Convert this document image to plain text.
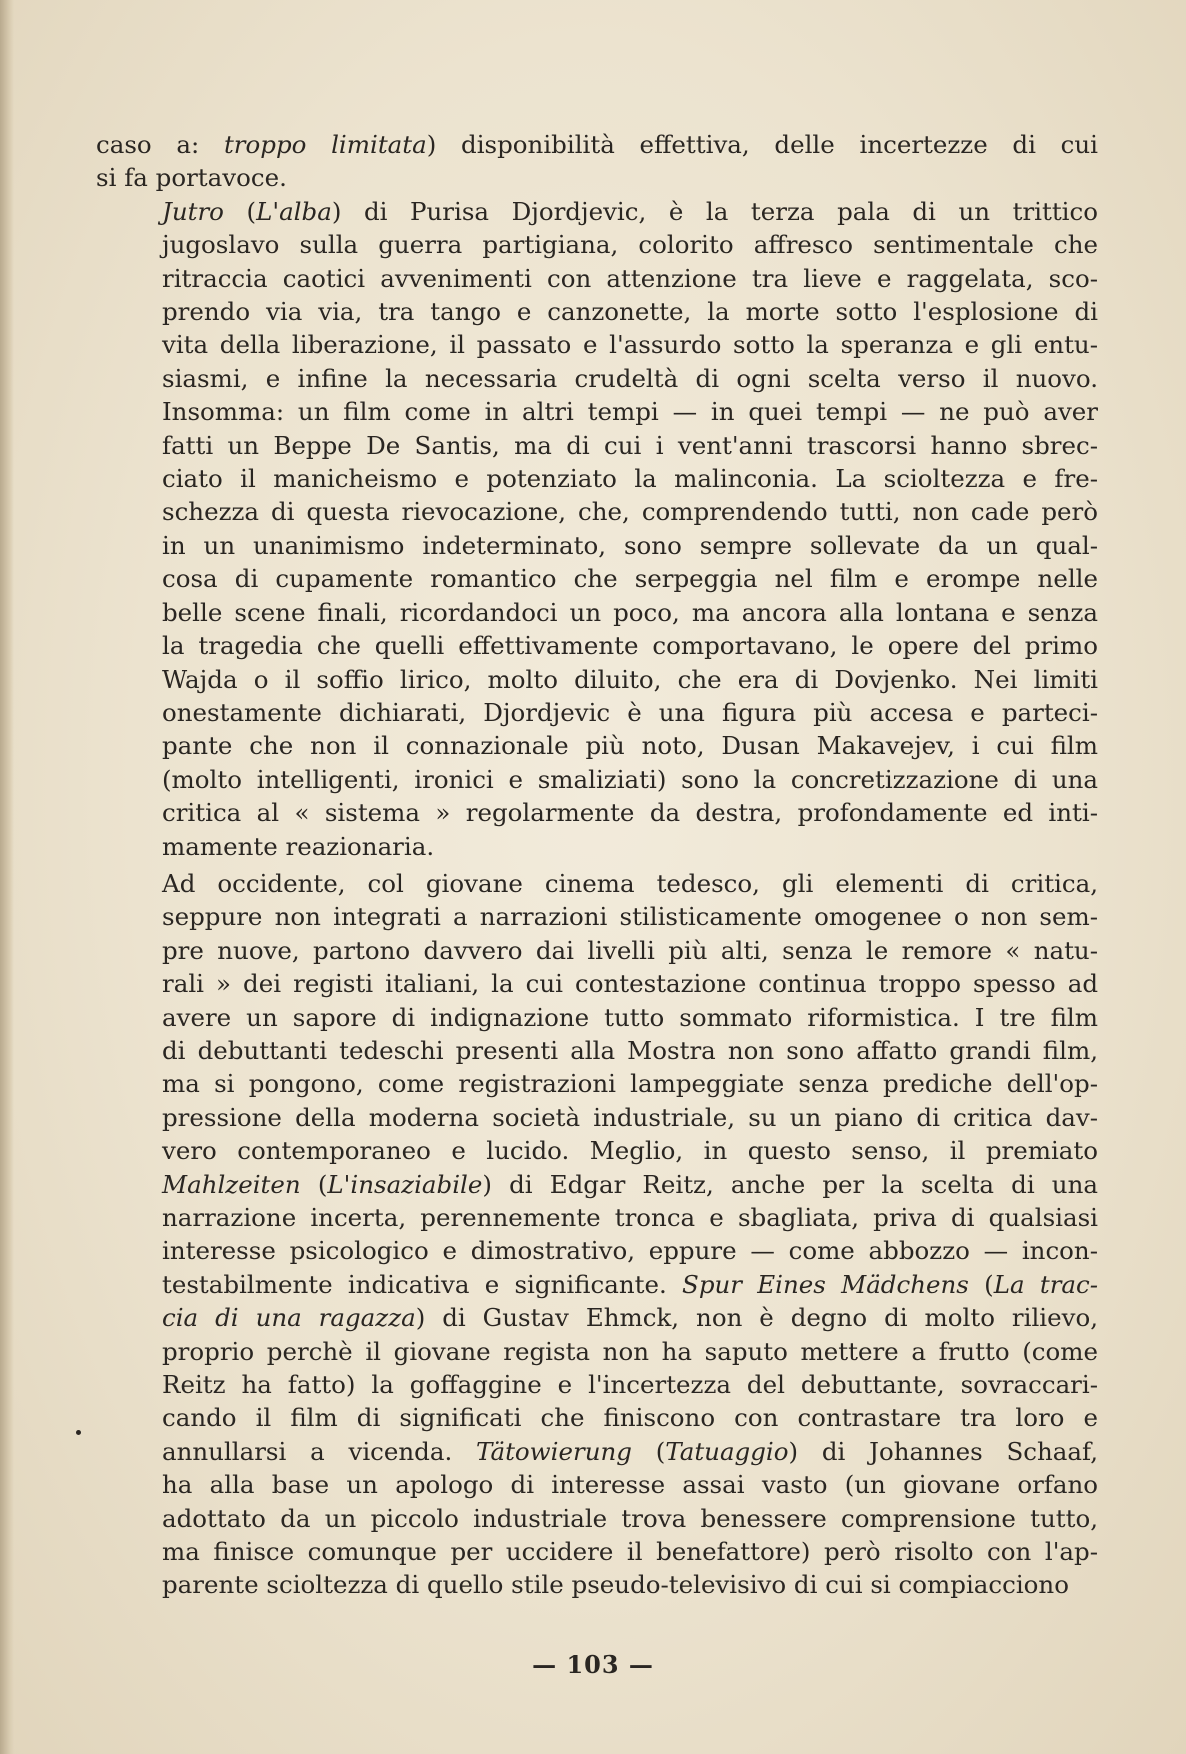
caso a: troppo limitata) disponibilità effettiva, delle incertezze di cui
si fa portavoce.

Jutro (L'alba) di Purisa Djordjevic, è la terza pala di un trittico
jugoslavo sulla guerra partigiana, colorito affresco sentimentale che
ritraccia caotici avvenimenti con attenzione tra lieve e raggelata, sco-
prendo via via, tra tango e canzonette, la morte sotto l'esplosione di
vita della liberazione, il passato e l'assurdo sotto la speranza e gli entu-
siasmi, e infine la necessaria crudeltà di ogni scelta verso il nuovo.
Insomma: un film come in altri tempi — in quei tempi — ne può aver
fatti un Beppe De Santis, ma di cui i vent'anni trascorsi hanno sbrec-
ciato il manicheismo e potenziato la malinconia. La scioltezza e fre-
schezza di questa rievocazione, che, comprendendo tutti, non cade però
in un unanimismo indeterminato, sono sempre sollevate da un qual-
cosa di cupamente romantico che serpeggia nel film e erompe nelle
belle scene finali, ricordandoci un poco, ma ancora alla lontana e senza
la tragedia che quelli effettivamente comportavano, le opere del primo
Wajda o il soffio lirico, molto diluito, che era di Dovjenko. Nei limiti
onestamente dichiarati, Djordjevic è una figura più accesa e parteci-
pante che non il connazionale più noto, Dusan Makavejev, i cui film
(molto intelligenti, ironici e smaliziati) sono la concretizzazione di una
critica al « sistema » regolarmente da destra, profondamente ed inti-
mamente reazionaria.

Ad occidente, col giovane cinema tedesco, gli elementi di critica,
seppure non integrati a narrazioni stilisticamente omogenee o non sem-
pre nuove, partono davvero dai livelli più alti, senza le remore « natu-
rali » dei registi italiani, la cui contestazione continua troppo spesso ad
avere un sapore di indignazione tutto sommato riformistica. I tre film
di debuttanti tedeschi presenti alla Mostra non sono affatto grandi film,
ma si pongono, come registrazioni lampeggiate senza prediche dell'op-
pressione della moderna società industriale, su un piano di critica dav-
vero contemporaneo e lucido. Meglio, in questo senso, il premiato
Mahlzeiten (L'insaziabile) di Edgar Reitz, anche per la scelta di una
narrazione incerta, perennemente tronca e sbagliata, priva di qualsiasi
interesse psicologico e dimostrativo, eppure — come abbozzo — incon-
testabilmente indicativa e significante. Spur Eines Mädchens (La trac-
cia di una ragazza) di Gustav Ehmck, non è degno di molto rilievo,
proprio perchè il giovane regista non ha saputo mettere a frutto (come
Reitz ha fatto) la goffaggine e l'incertezza del debuttante, sovraccari-
cando il film di significati che finiscono con contrastare tra loro e
annullarsi a vicenda. Tätowierung (Tatuaggio) di Johannes Schaaf,
ha alla base un apologo di interesse assai vasto (un giovane orfano
adottato da un piccolo industriale trova benessere comprensione tutto,
ma finisce comunque per uccidere il benefattore) però risolto con l'ap-
parente scioltezza di quello stile pseudo-televisivo di cui si compiacciono

— 103 —
